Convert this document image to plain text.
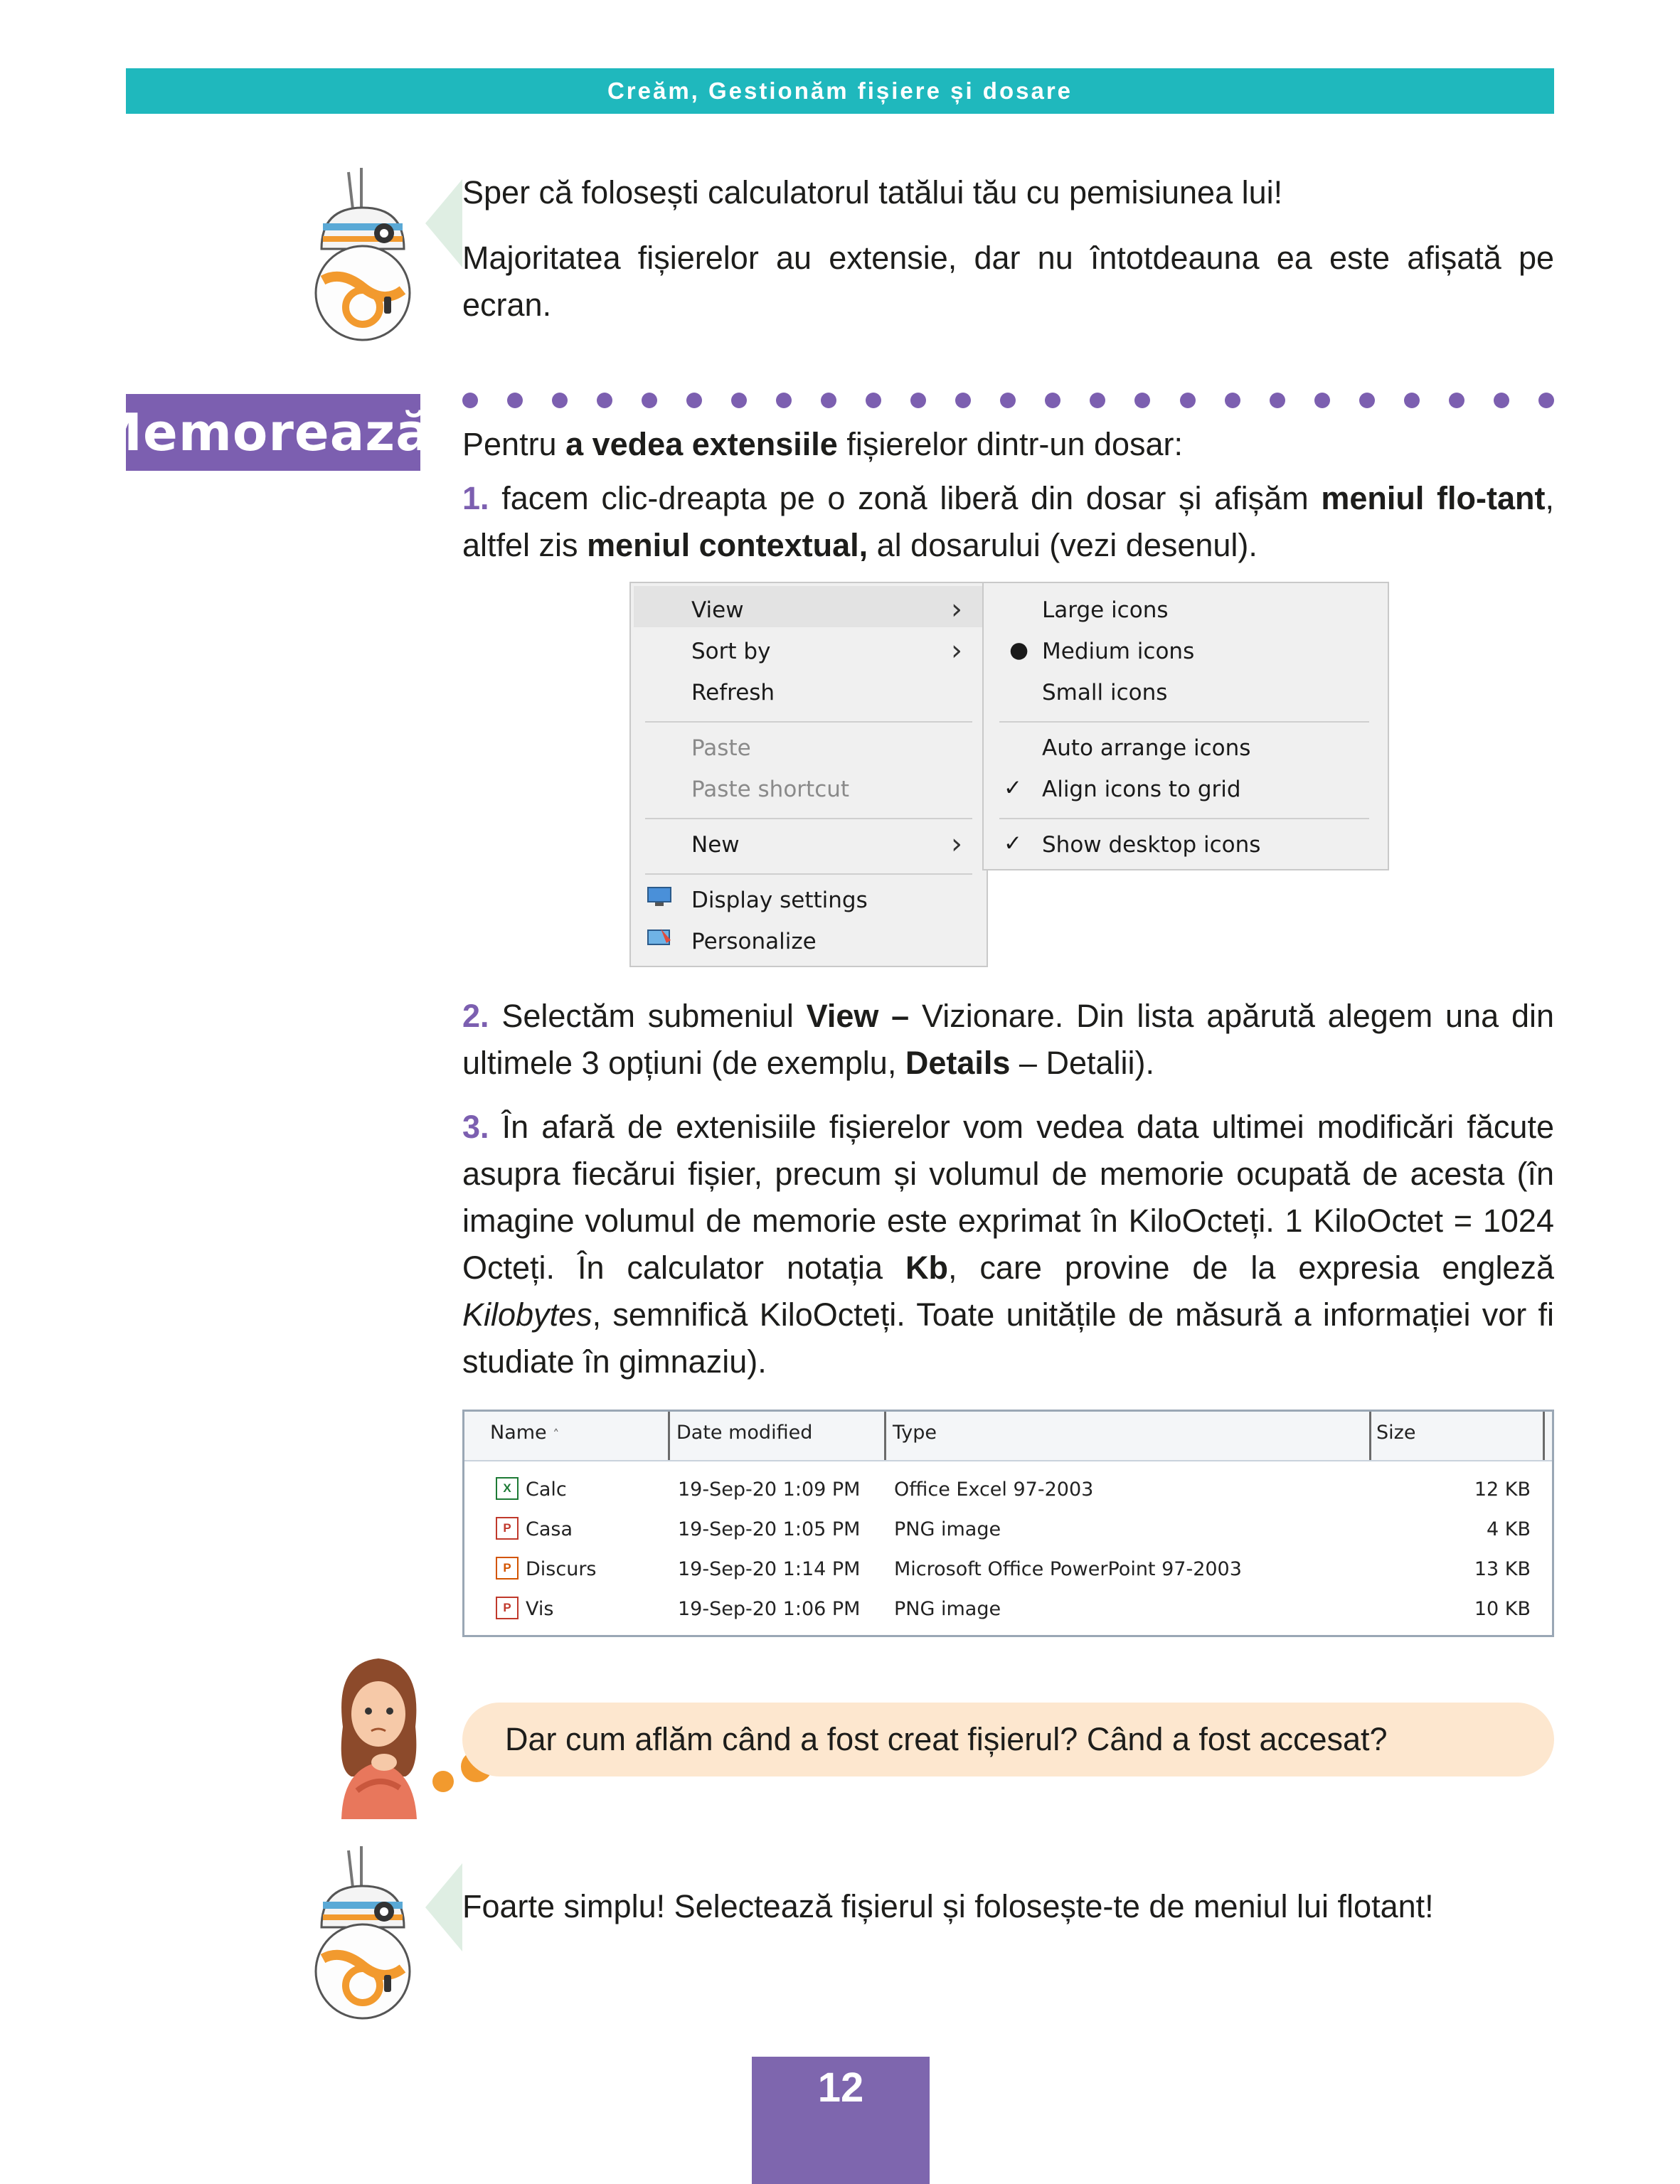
Creăm, Gestionăm fișiere și dosare
Sper că folosești calculatorul tatălui tău cu pemisiunea lui!
Majoritatea fișierelor au extensie, dar nu întotdeauna ea este afișată pe ecran.
Memorează! Pentru a vedea extensiile fișierelor dintr-un dosar:
1. facem clic-dreapta pe o zonă liberă din dosar și afișăm meniul flo-tant, altfel zis meniul contextual, al dosarului (vezi desenul).
View	›
Sort by	›
Refresh
Paste
Paste shortcut
New	›
Display settings
Personalize
Large icons
● Medium icons
Small icons
Auto arrange icons
✓ Align icons to grid
✓ Show desktop icons
2. Selectăm submeniul View – Vizionare. Din lista apărută alegem una din ultimele 3 opțiuni (de exemplu, Details – Detalii).
3. În afară de extenisiile fișierelor vom vedea data ultimei modificări făcute asupra fiecărui fișier, precum și volumul de memorie ocupată de acesta (în imagine volumul de memorie este exprimat în KiloOcteți. 1 KiloOctet = 1024 Octeți. În calculator notația Kb, care provine de la expresia engleză Kilobytes, semnifică KiloOcteți. Toate unitățile de măsură a informației vor fi studiate în gimnaziu).
Name ˄	Date modified	Type	Size
X Calc	19-Sep-20 1:09 PM Office Excel 97-2003	12 KB
P Casa	19-Sep-20 1:05 PM PNG image	4 KB
P Discurs	19-Sep-20 1:14 PM Microsoft Office PowerPoint 97-2003	13 KB
P Vis	19-Sep-20 1:06 PM PNG image	10 KB
Dar cum aflăm când a fost creat fișierul? Când a fost accesat?
Foarte simplu! Selectează fișierul și folosește-te de meniul lui flotant!
12
